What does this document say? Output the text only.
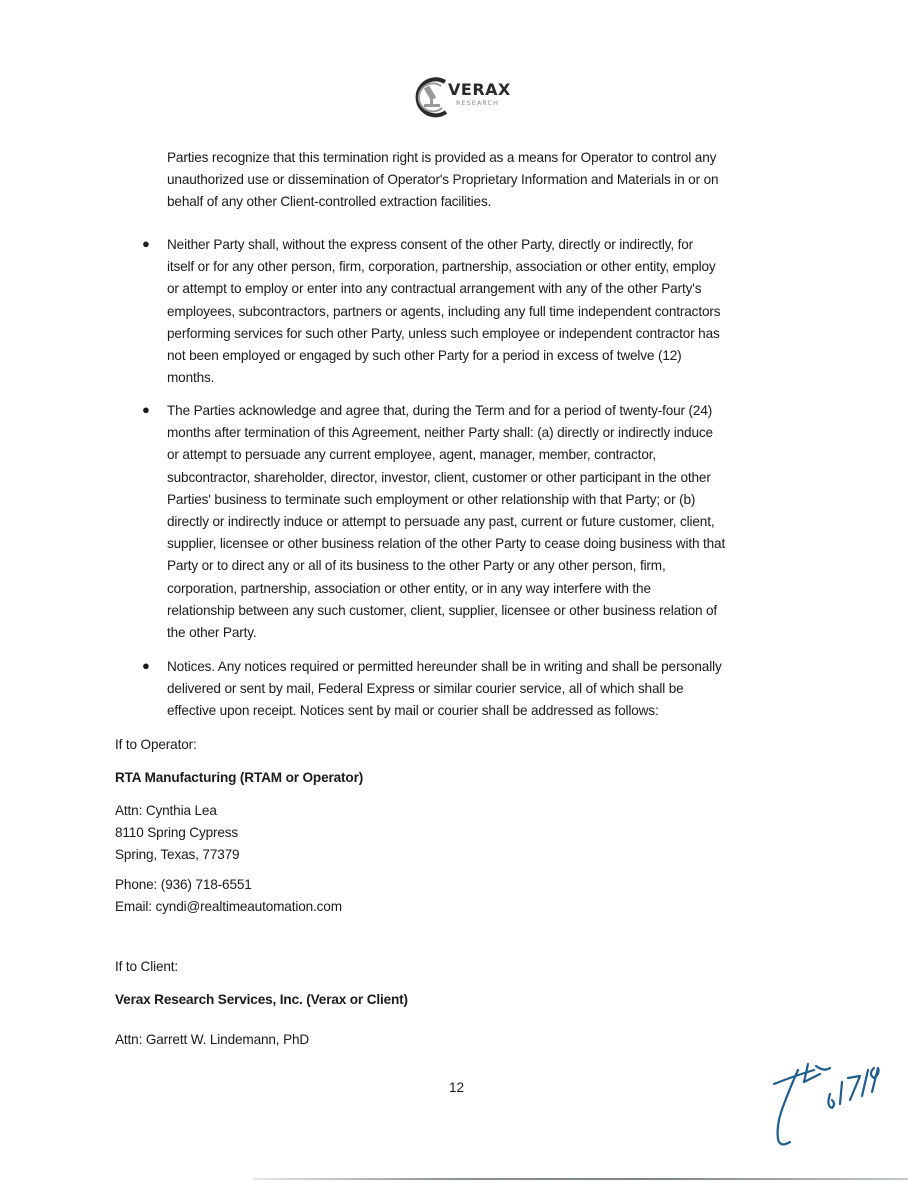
VERAX
RESEARCH
Parties recognize that this termination right is provided as a means for Operator to control any
unauthorized use or dissemination of Operator's Proprietary Information and Materials in or on
behalf of any other Client-controlled extraction facilities.
● Neither Party shall, without the express consent of the other Party, directly or indirectly, for
itself or for any other person, firm, corporation, partnership, association or other entity, employ
or attempt to employ or enter into any contractual arrangement with any of the other Party's
employees, subcontractors, partners or agents, including any full time independent contractors
performing services for such other Party, unless such employee or independent contractor has
not been employed or engaged by such other Party for a period in excess of twelve (12)
months.
● The Parties acknowledge and agree that, during the Term and for a period of twenty-four (24)
months after termination of this Agreement, neither Party shall: (a) directly or indirectly induce
or attempt to persuade any current employee, agent, manager, member, contractor,
subcontractor, shareholder, director, investor, client, customer or other participant in the other
Parties' business to terminate such employment or other relationship with that Party; or (b)
directly or indirectly induce or attempt to persuade any past, current or future customer, client,
supplier, licensee or other business relation of the other Party to cease doing business with that
Party or to direct any or all of its business to the other Party or any other person, firm,
corporation, partnership, association or other entity, or in any way interfere with the
relationship between any such customer, client, supplier, licensee or other business relation of
the other Party.
● Notices. Any notices required or permitted hereunder shall be in writing and shall be personally
delivered or sent by mail, Federal Express or similar courier service, all of which shall be
effective upon receipt. Notices sent by mail or courier shall be addressed as follows:
If to Operator:
RTA Manufacturing (RTAM or Operator)
Attn: Cynthia Lea
8110 Spring Cypress
Spring, Texas, 77379
Phone: (936) 718-6551
Email: cyndi@realtimeautomation.com
If to Client:
Verax Research Services, Inc. (Verax or Client)
Attn: Garrett W. Lindemann, PhD
12
